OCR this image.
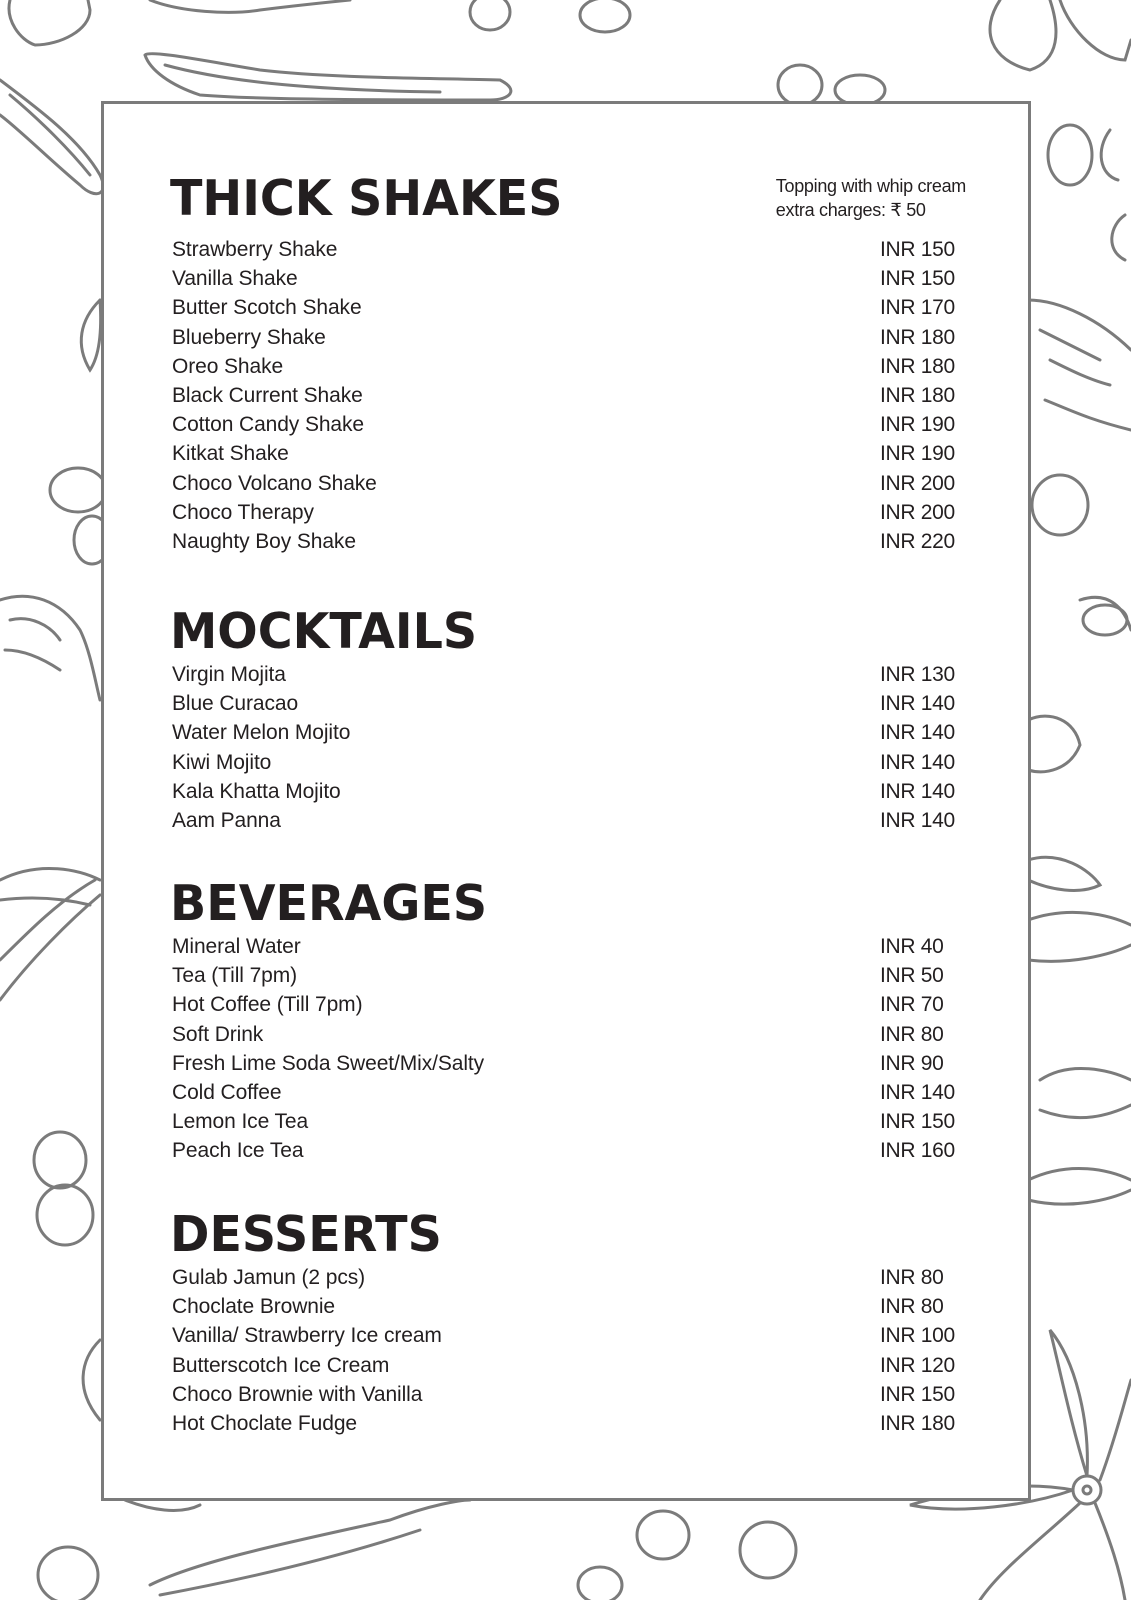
THICK SHAKES	Topping with whip cream
extra charges: ₹ 50
Strawberry Shake	INR 150
Vanilla Shake	INR 150
Butter Scotch Shake	INR 170
Blueberry Shake	INR 180
Oreo Shake	INR 180
Black Current Shake	INR 180
Cotton Candy Shake	INR 190
Kitkat Shake	INR 190
Choco Volcano Shake	INR 200
Choco Therapy	INR 200
Naughty Boy Shake	INR 220
MOCKTAILS
Virgin Mojita	INR 130
Blue Curacao	INR 140
Water Melon Mojito	INR 140
Kiwi Mojito	INR 140
Kala Khatta Mojito	INR 140
Aam Panna	INR 140
BEVERAGES
Mineral Water	INR 40
Tea (Till 7pm)	INR 50
Hot Coffee (Till 7pm)	INR 70
Soft Drink	INR 80
Fresh Lime Soda Sweet/Mix/Salty	INR 90
Cold Coffee	INR 140
Lemon Ice Tea	INR 150
Peach Ice Tea	INR 160
DESSERTS
Gulab Jamun (2 pcs)	INR 80
Choclate Brownie	INR 80
Vanilla/ Strawberry Ice cream	INR 100
Butterscotch Ice Cream	INR 120
Choco Brownie with Vanilla	INR 150
Hot Choclate Fudge	INR 180
